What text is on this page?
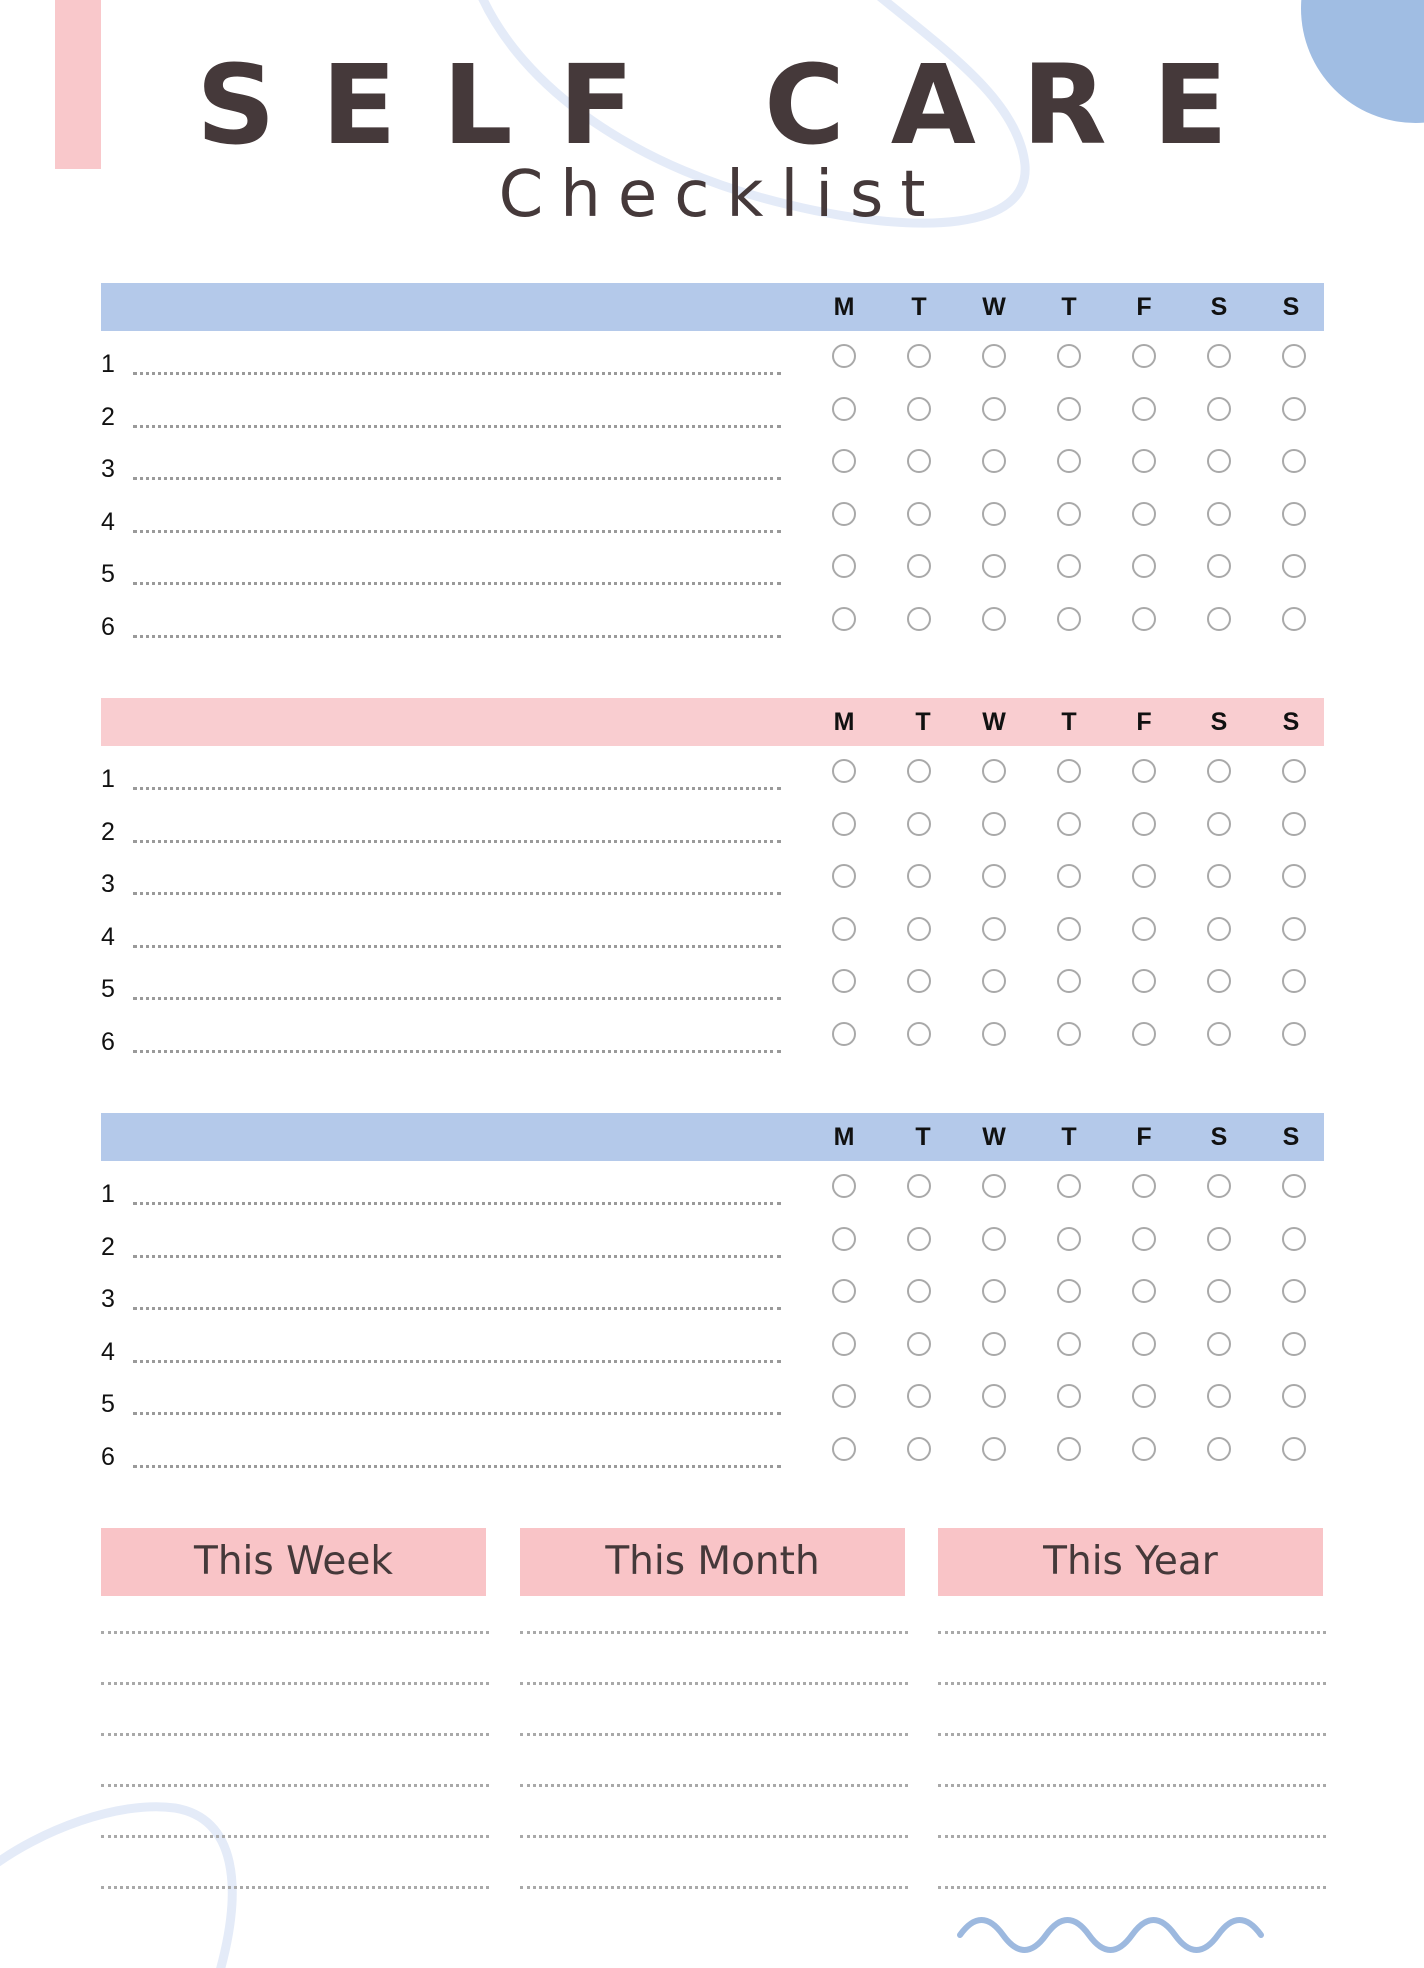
SELF CARE
Checklist
M	T	W	T	F	S	S
1
2
3
4
5
6
M	T	W	T	F	S	S
1
2
3
4
5
6
M	T	W	T	F	S	S
1
2
3
4
5
6
This Week	This Month	This Year
